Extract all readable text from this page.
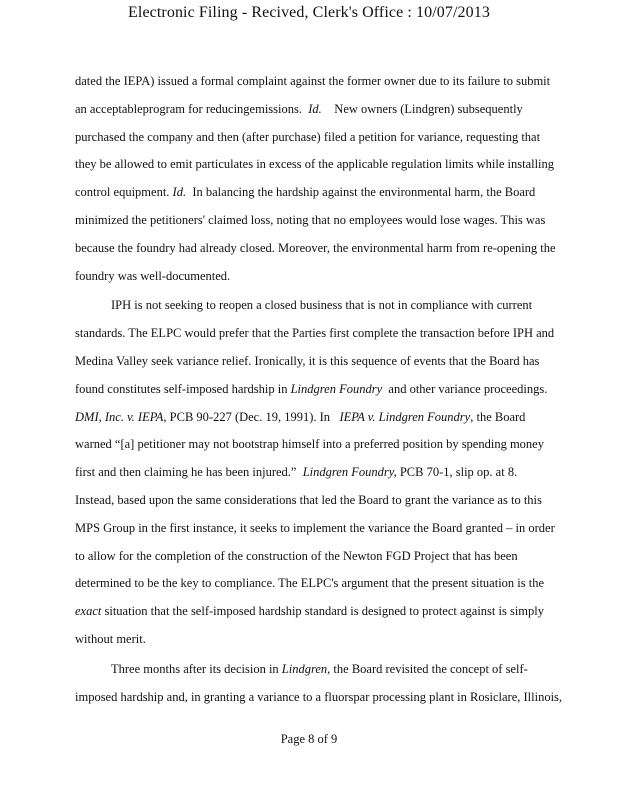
Electronic Filing - Recived, Clerk's Office : 10/07/2013
dated the IEPA) issued a formal complaint against the former owner due to its failure to submit
an acceptableprogram for reducingemissions. Id. New owners (Lindgren) subsequently
purchased the company and then (after purchase) filed a petition for variance, requesting that
they be allowed to emit particulates in excess of the applicable regulation limits while installing
control equipment. Id. In balancing the hardship against the environmental harm, the Board
minimized the petitioners' claimed loss, noting that no employees would lose wages. This was
because the foundry had already closed. Moreover, the environmental harm from re-opening the
foundry was well-documented.
IPH is not seeking to reopen a closed business that is not in compliance with current
standards. The ELPC would prefer that the Parties first complete the transaction before IPH and
Medina Valley seek variance relief. Ironically, it is this sequence of events that the Board has
found constitutes self-imposed hardship in Lindgren Foundry and other variance proceedings.
DMI, Inc. v. IEPA, PCB 90-227 (Dec. 19, 1991). In IEPA v. Lindgren Foundry, the Board
warned “[a] petitioner may not bootstrap himself into a preferred position by spending money
first and then claiming he has been injured.” Lindgren Foundry, PCB 70-1, slip op. at 8.
Instead, based upon the same considerations that led the Board to grant the variance as to this
MPS Group in the first instance, it seeks to implement the variance the Board granted – in order
to allow for the completion of the construction of the Newton FGD Project that has been
determined to be the key to compliance. The ELPC's argument that the present situation is the
exact situation that the self-imposed hardship standard is designed to protect against is simply
without merit.
Three months after its decision in Lindgren, the Board revisited the concept of self-
imposed hardship and, in granting a variance to a fluorspar processing plant in Rosiclare, Illinois,
Page 8 of 9
